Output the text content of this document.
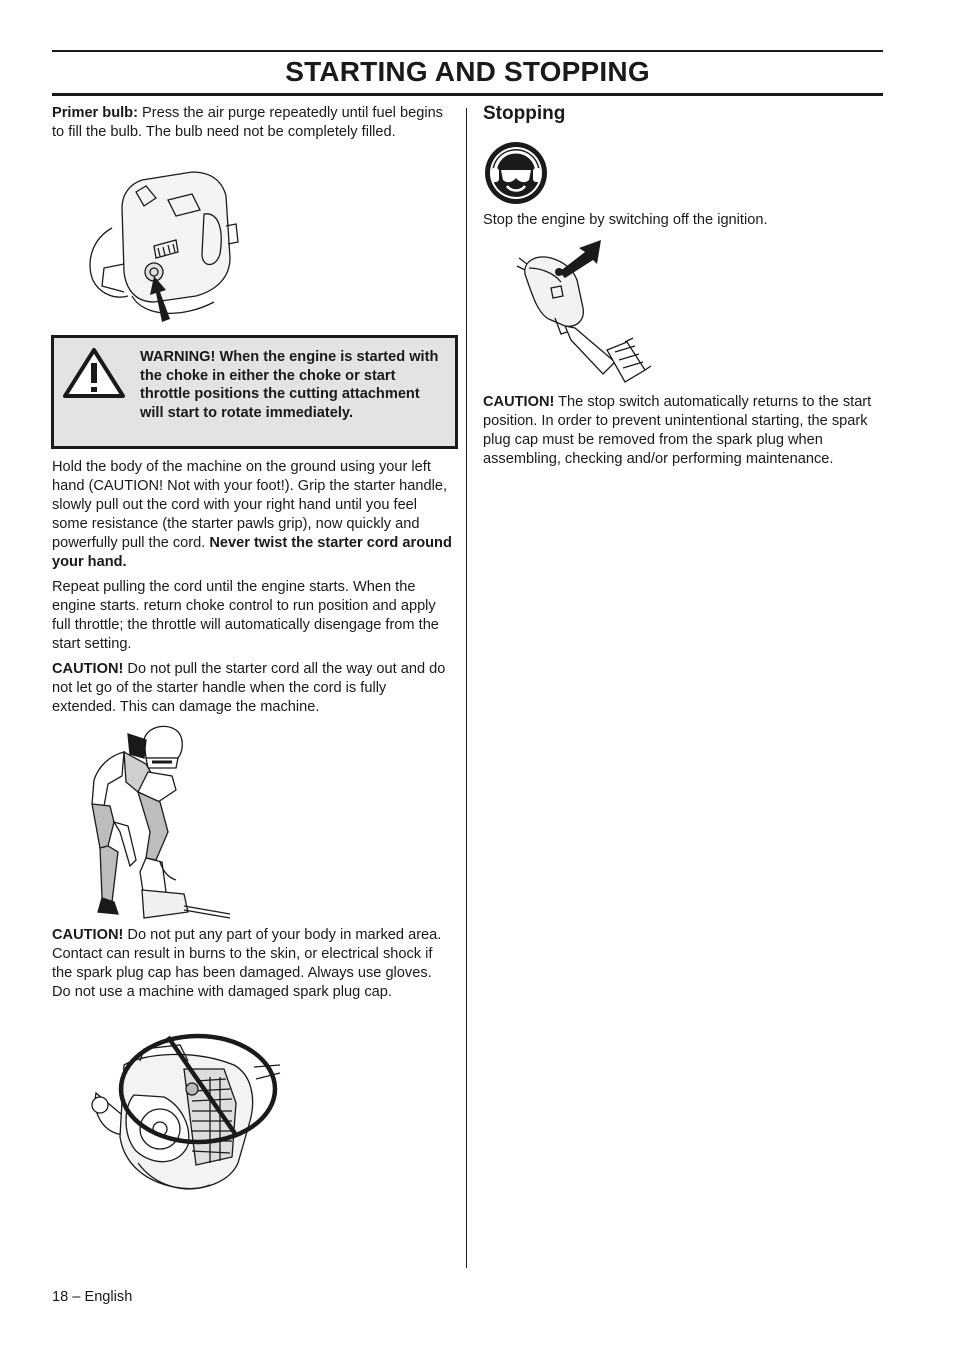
STARTING AND STOPPING

Primer bulb: Press the air purge repeatedly until fuel begins to fill the bulb. The bulb need not be completely filled.

WARNING! When the engine is started with the choke in either the choke or start throttle positions the cutting attachment will start to rotate immediately.

Hold the body of the machine on the ground using your left hand (CAUTION! Not with your foot!). Grip the starter handle, slowly pull out the cord with your right hand until you feel some resistance (the starter pawls grip), now quickly and powerfully pull the cord. Never twist the starter cord around your hand.

Repeat pulling the cord until the engine starts. When the engine starts. return choke control to run position and apply full throttle; the throttle will automatically disengage from the start setting.

CAUTION! Do not pull the starter cord all the way out and do not let go of the starter handle when the cord is fully extended. This can damage the machine.

CAUTION! Do not put any part of your body in marked area. Contact can result in burns to the skin, or electrical shock if the spark plug cap has been damaged. Always use gloves. Do not use a machine with damaged spark plug cap.

Stopping

Stop the engine by switching off the ignition.

CAUTION! The stop switch automatically returns to the start position. In order to prevent unintentional starting, the spark plug cap must be removed from the spark plug when assembling, checking and/or performing maintenance.

18 – English
